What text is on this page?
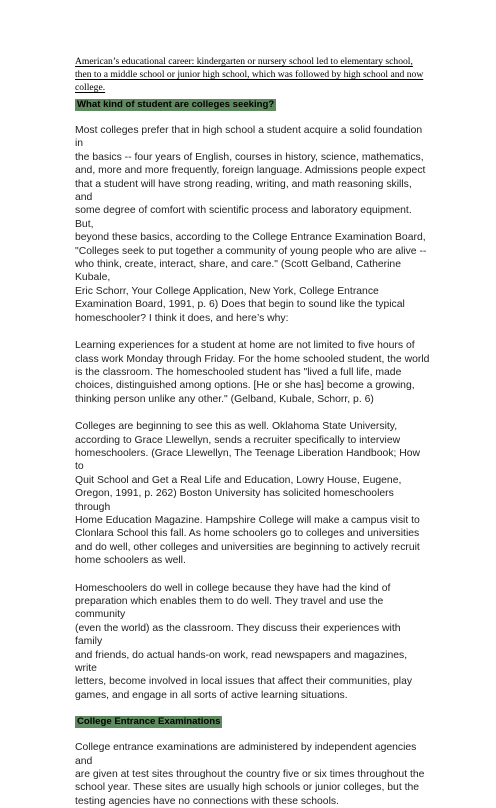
American’s educational career: kindergarten or nursery school led to elementary school, then to a middle school or junior high school, which was followed by high school and now college.

What kind of student are colleges seeking?

Most colleges prefer that in high school a student acquire a solid foundation in
the basics -- four years of English, courses in history, science, mathematics,
and, more and more frequently, foreign language. Admissions people expect
that a student will have strong reading, writing, and math reasoning skills, and
some degree of comfort with scientific process and laboratory equipment. But,
beyond these basics, according to the College Entrance Examination Board,
"Colleges seek to put together a community of young people who are alive --
who think, create, interact, share, and care." (Scott Gelband, Catherine Kubale,
Eric Schorr, Your College Application, New York, College Entrance
Examination Board, 1991, p. 6) Does that begin to sound like the typical
homeschooler? I think it does, and here’s why:

Learning experiences for a student at home are not limited to five hours of
class work Monday through Friday. For the home schooled student, the world
is the classroom. The homeschooled student has "lived a full life, made
choices, distinguished among options. [He or she has] become a growing,
thinking person unlike any other." (Gelband, Kubale, Schorr, p. 6)

Colleges are beginning to see this as well. Oklahoma State University,
according to Grace Llewellyn, sends a recruiter specifically to interview
homeschoolers. (Grace Llewellyn, The Teenage Liberation Handbook; How to
Quit School and Get a Real Life and Education, Lowry House, Eugene,
Oregon, 1991, p. 262) Boston University has solicited homeschoolers through
Home Education Magazine. Hampshire College will make a campus visit to
Clonlara School this fall. As home schoolers go to colleges and universities
and do well, other colleges and universities are beginning to actively recruit
home schoolers as well.

Homeschoolers do well in college because they have had the kind of
preparation which enables them to do well. They travel and use the community
(even the world) as the classroom. They discuss their experiences with family
and friends, do actual hands-on work, read newspapers and magazines, write
letters, become involved in local issues that affect their communities, play
games, and engage in all sorts of active learning situations.

College Entrance Examinations

College entrance examinations are administered by independent agencies and
are given at test sites throughout the country five or six times throughout the
school year. These sites are usually high schools or junior colleges, but the
testing agencies have no connections with these schools.
